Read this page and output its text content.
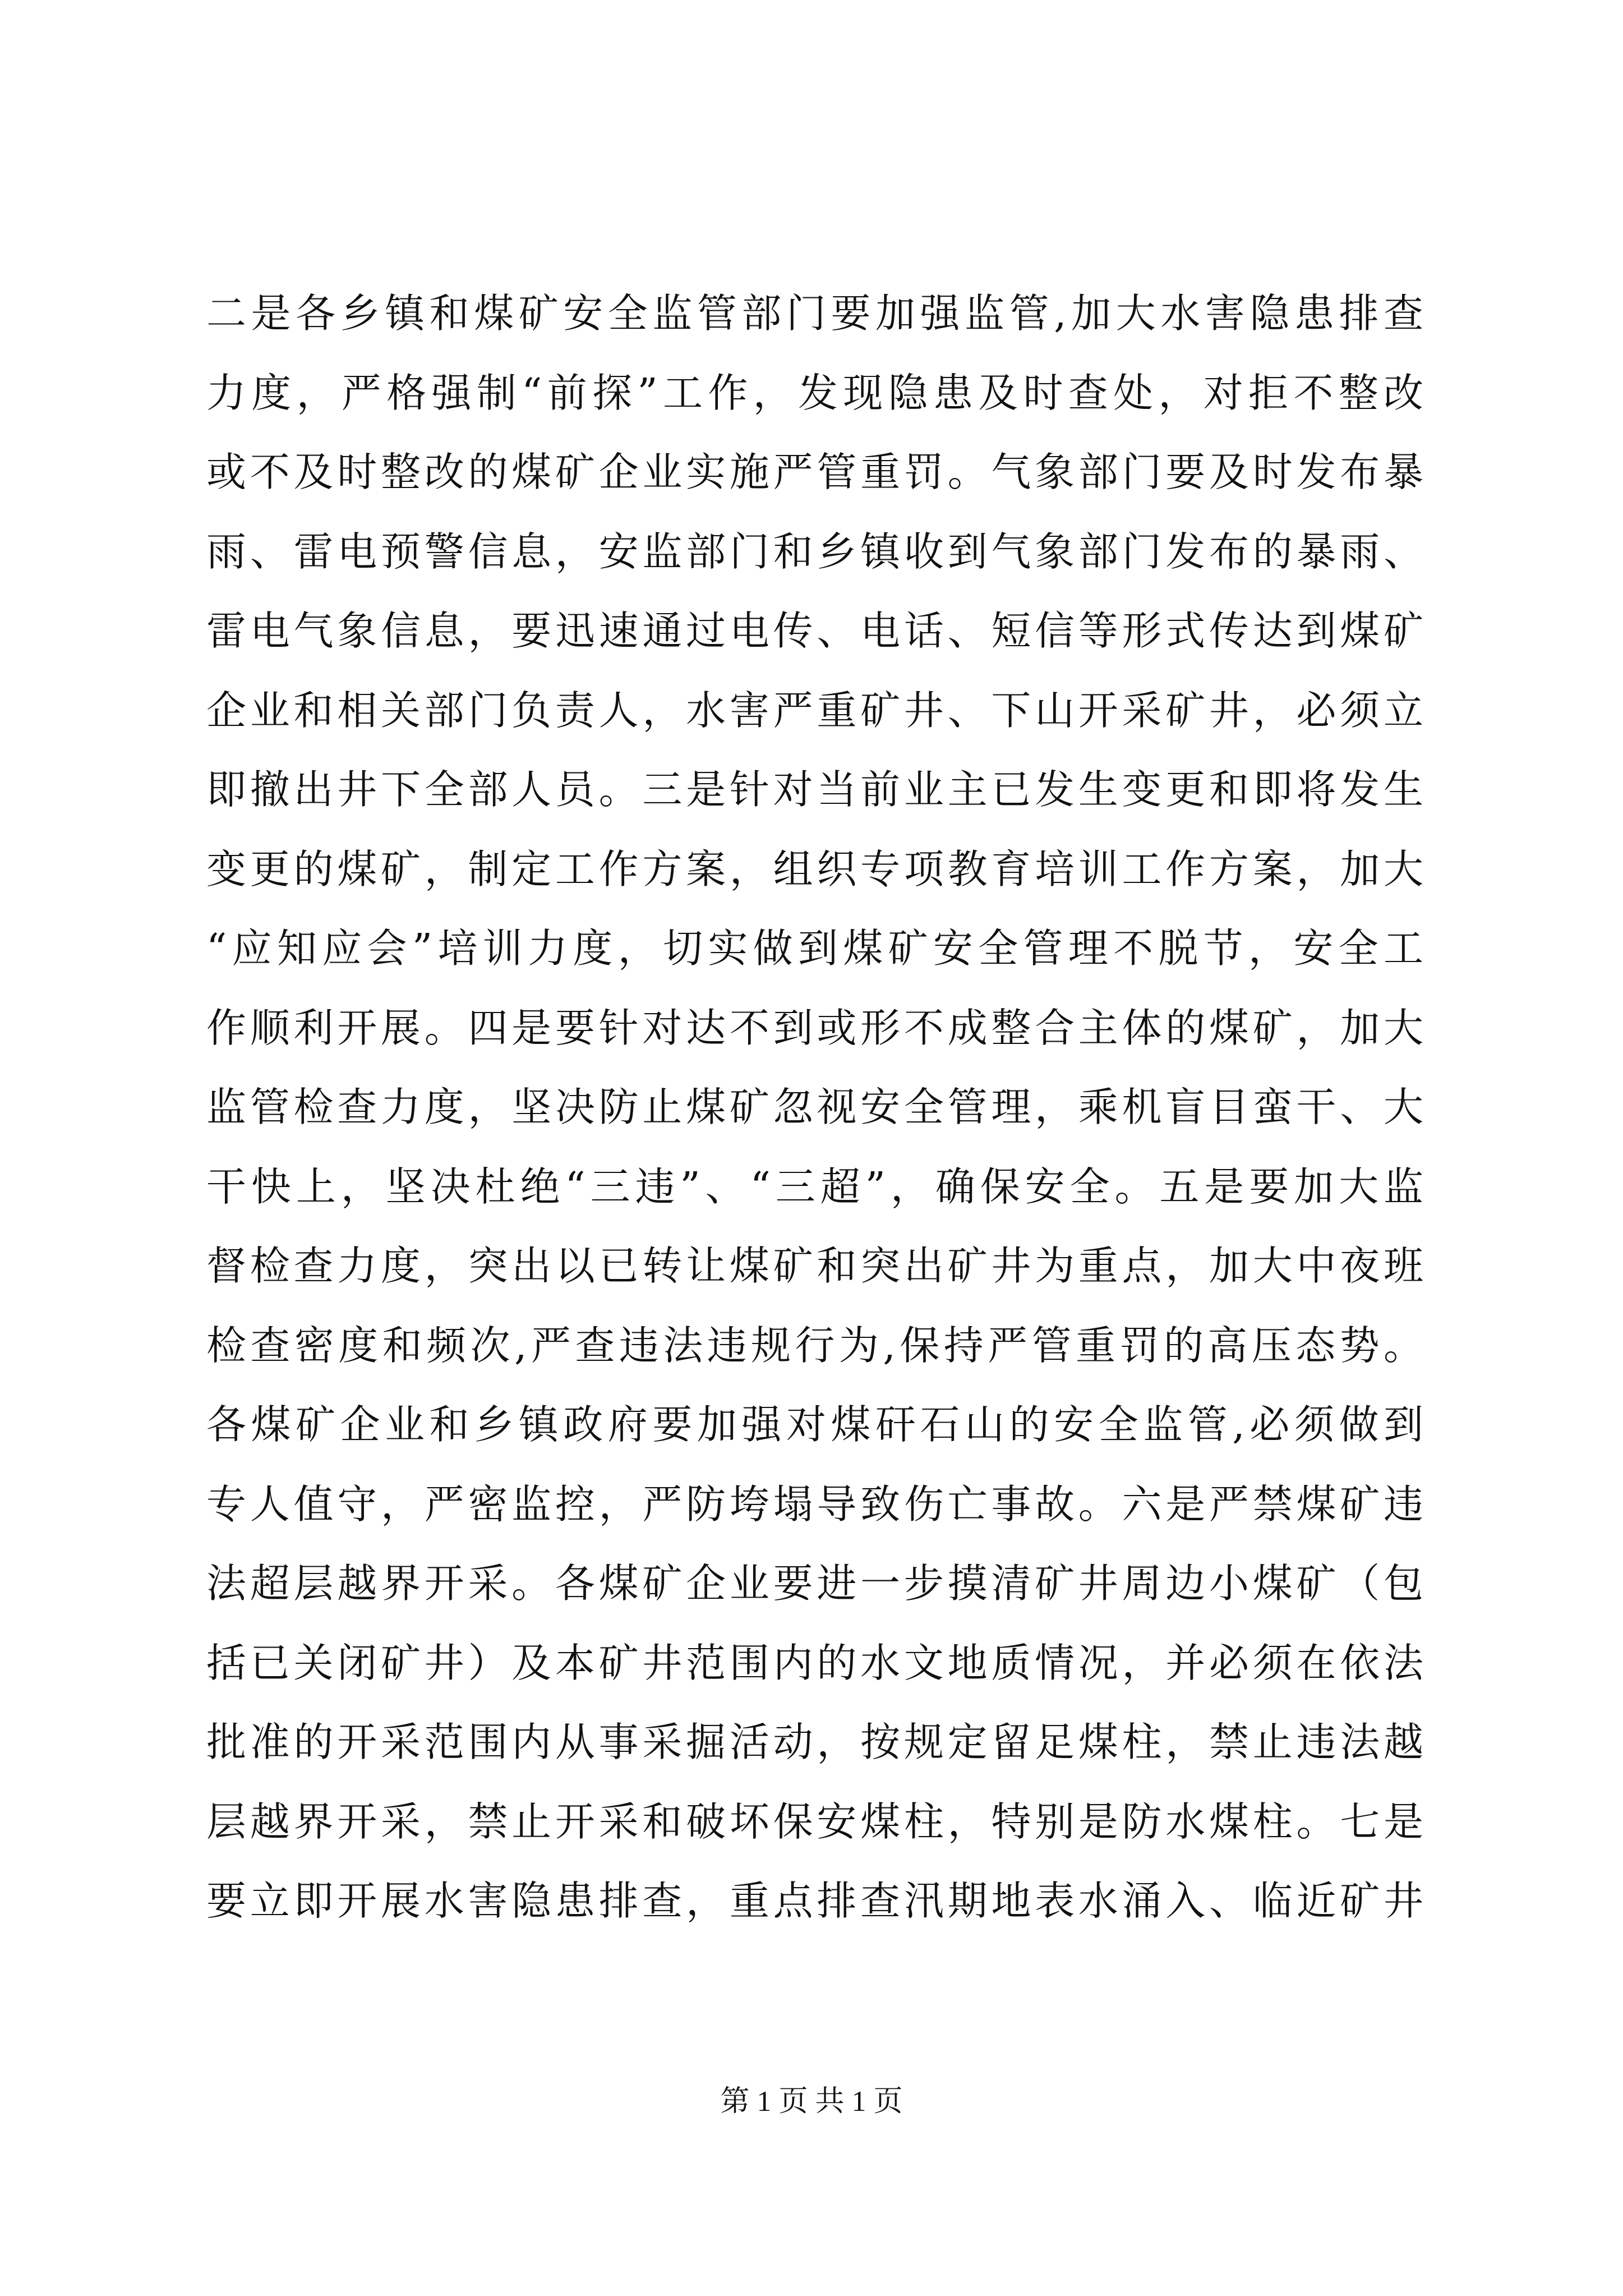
二是各乡镇和煤矿安全监管部门要加强监管,加大水害隐患排查
力度，严格强制“前探”工作，发现隐患及时查处，对拒不整改
或不及时整改的煤矿企业实施严管重罚。气象部门要及时发布暴
雨、雷电预警信息，安监部门和乡镇收到气象部门发布的暴雨、
雷电气象信息，要迅速通过电传、电话、短信等形式传达到煤矿
企业和相关部门负责人，水害严重矿井、下山开采矿井，必须立
即撤出井下全部人员。三是针对当前业主已发生变更和即将发生
变更的煤矿，制定工作方案，组织专项教育培训工作方案，加大
“应知应会”培训力度，切实做到煤矿安全管理不脱节，安全工
作顺利开展。四是要针对达不到或形不成整合主体的煤矿，加大
监管检查力度，坚决防止煤矿忽视安全管理，乘机盲目蛮干、大
干快上，坚决杜绝“三违”、“三超”，确保安全。五是要加大监
督检查力度，突出以已转让煤矿和突出矿井为重点，加大中夜班
检查密度和频次,严查违法违规行为,保持严管重罚的高压态势。
各煤矿企业和乡镇政府要加强对煤矸石山的安全监管,必须做到
专人值守，严密监控，严防垮塌导致伤亡事故。六是严禁煤矿违
法超层越界开采。各煤矿企业要进一步摸清矿井周边小煤矿（包
括已关闭矿井）及本矿井范围内的水文地质情况，并必须在依法
批准的开采范围内从事采掘活动，按规定留足煤柱，禁止违法越
层越界开采，禁止开采和破坏保安煤柱，特别是防水煤柱。七是
要立即开展水害隐患排查，重点排查汛期地表水涌入、临近矿井
第 1 页 共 1 页
